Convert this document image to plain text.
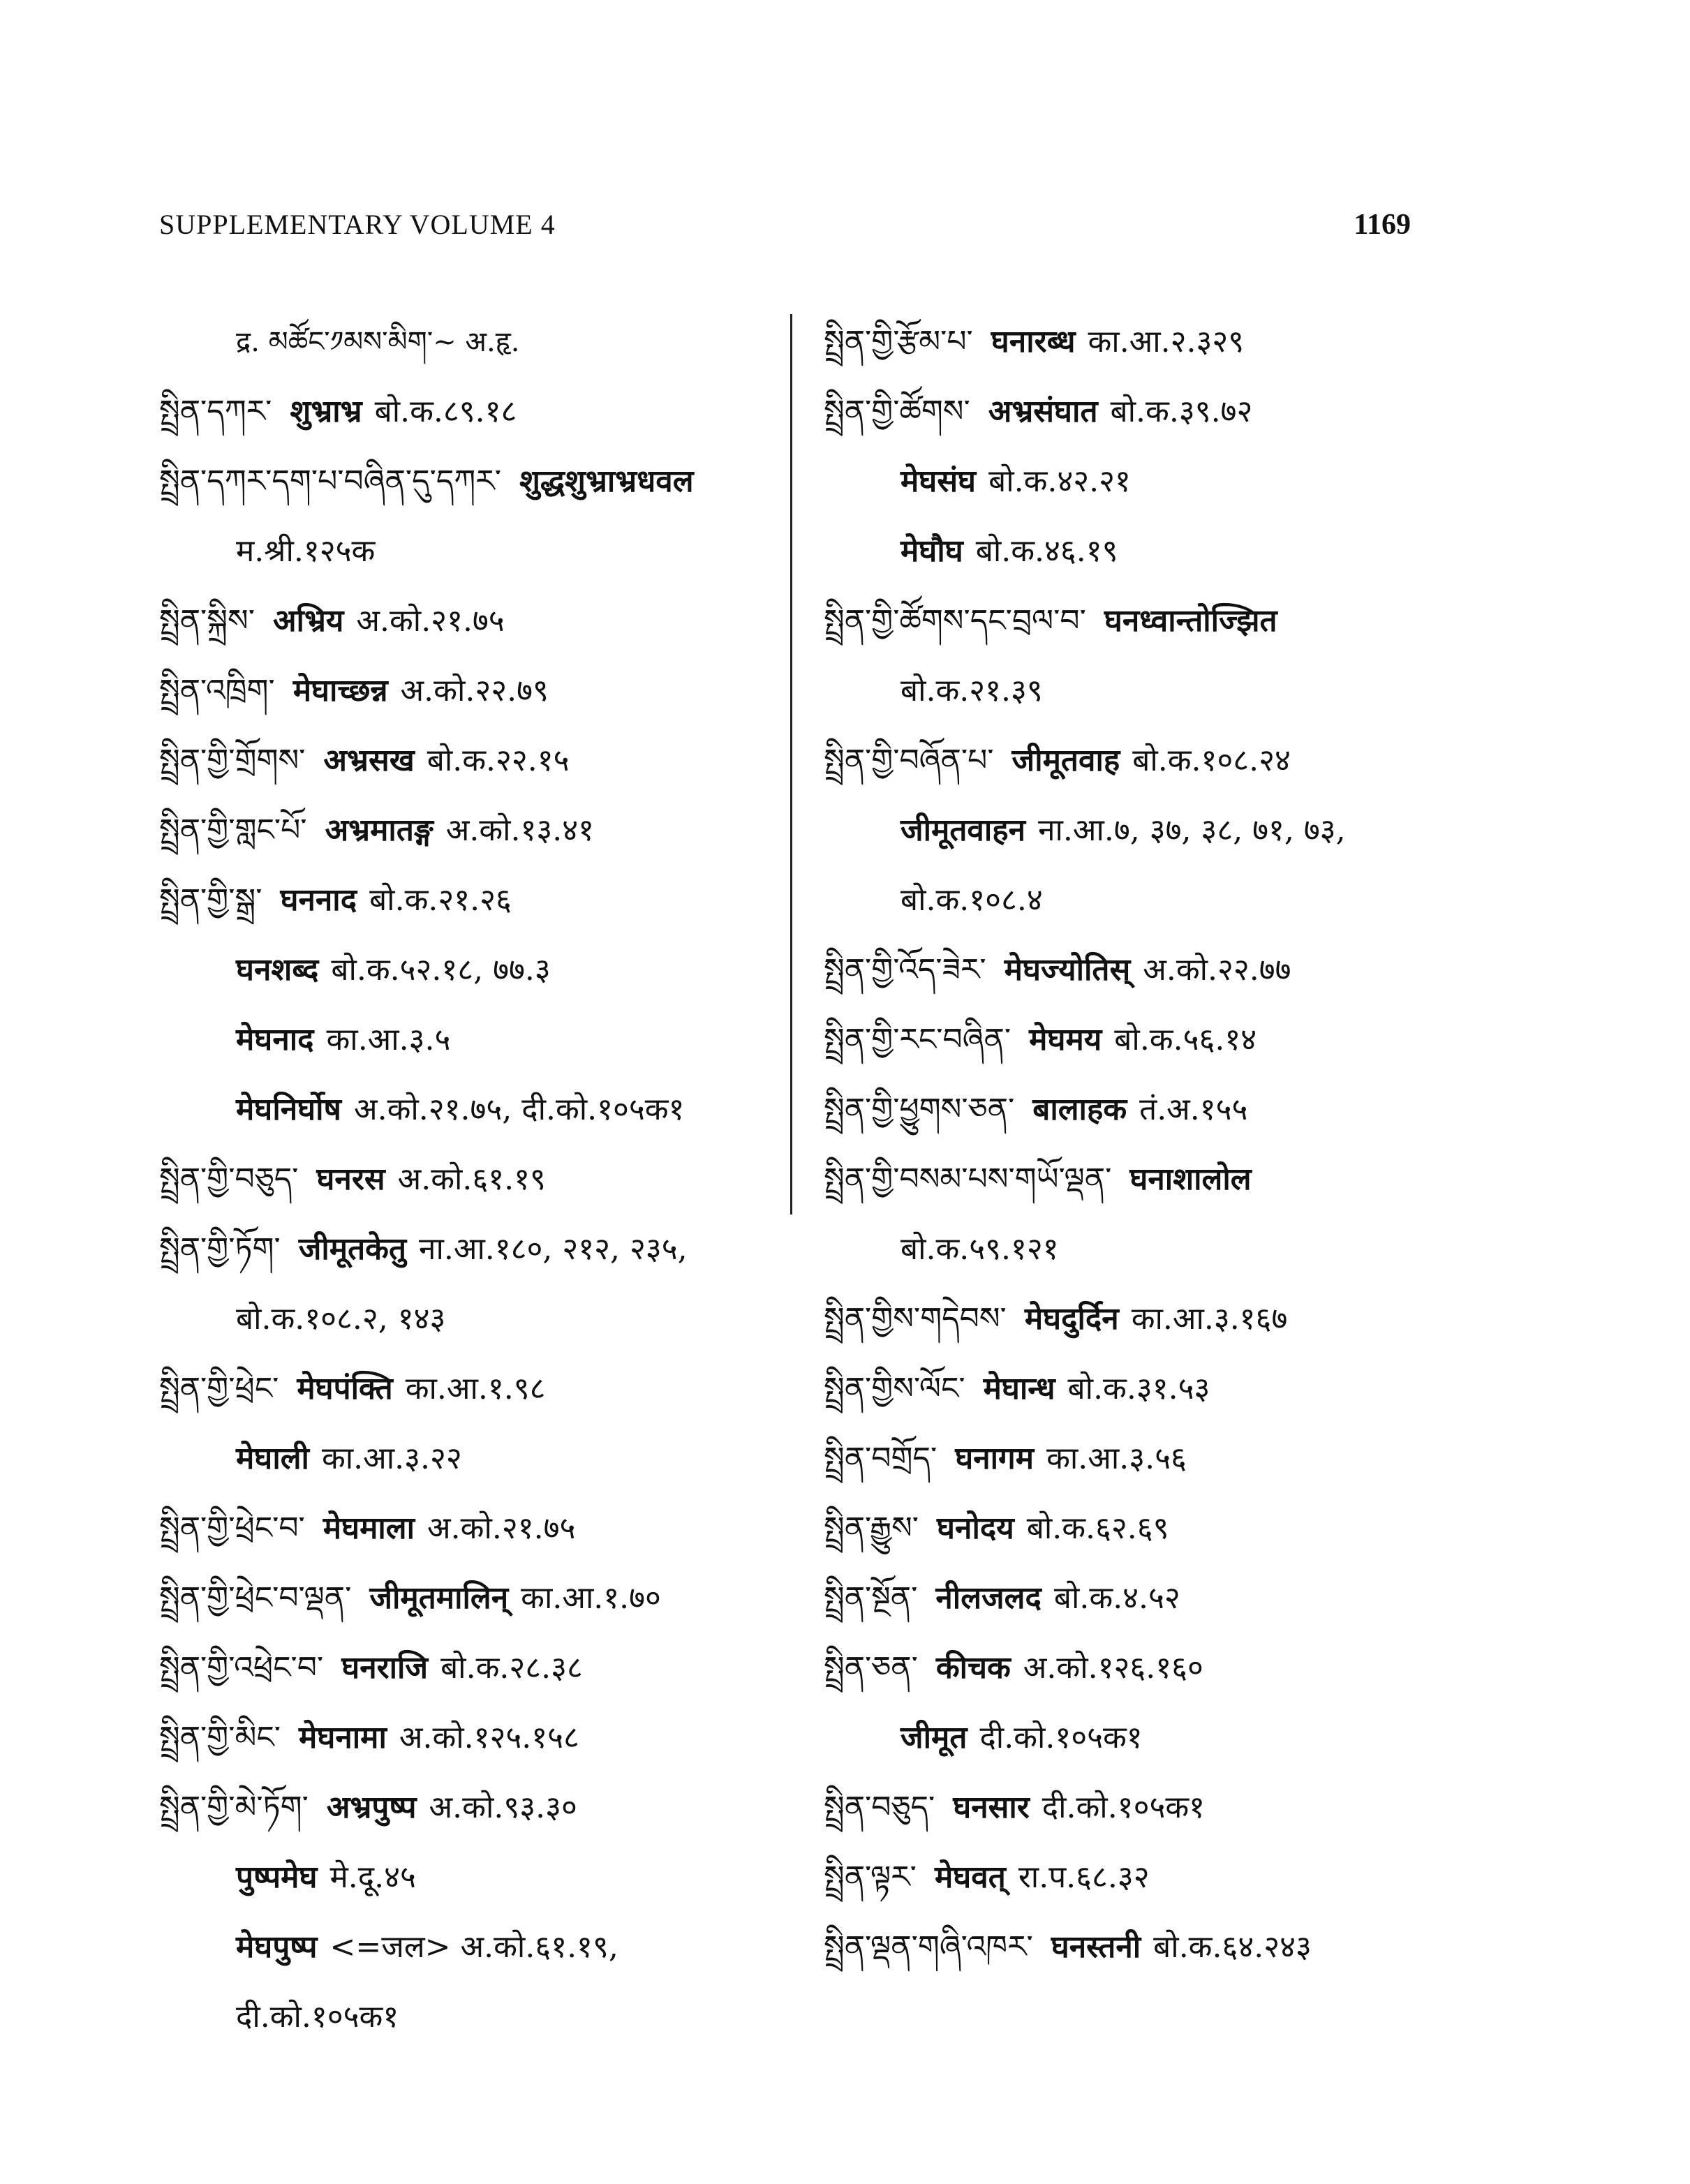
SUPPLEMENTARY VOLUME 4	1169
द्र. མཚོང་༡མས་མིག་~ अ.हृ.
སྤྲིན་དཀར་ शुभ्राभ्र बो.क.८९.१८
སྤྲིན་དཀར་དག་པ་བཞིན་དུ་དཀར་ शुद्धशुभ्राभ्रधवल
म.श्री.१२५क
སྤྲིན་སྐྲིས་ अभ्रिय अ.को.२१.७५
སྤྲིན་འཁྲིག་ मेघाच्छन्न अ.को.२२.७९
སྤྲིན་གྱི་གྲོགས་ अभ्रसख बो.क.२२.१५
སྤྲིན་གྱི་གླང་པོ་ अभ्रमातङ्ग अ.को.१३.४१
སྤྲིན་གྱི་སྒྲ་ घननाद बो.क.२१.२६
घनशब्द बो.क.५२.१८, ७७.३
मेघनाद का.आ.३.५
मेघनिर्घोष अ.को.२१.७५, दी.को.१०५क१
སྤྲིན་གྱི་བཅུད་ घनरस अ.को.६१.१९
སྤྲིན་གྱི་ཏོག་ जीमूतकेतु ना.आ.१८०, २१२, २३५,
बो.क.१०८.२, १४३
སྤྲིན་གྱི་ཕྲེང་ मेघपंक्ति का.आ.१.९८
मेघाली का.आ.३.२२
སྤྲིན་གྱི་ཕྲེང་བ་ मेघमाला अ.को.२१.७५
སྤྲིན་གྱི་ཕྲེང་བ་ལྡན་ जीमूतमालिन् का.आ.१.७०
སྤྲིན་གྱི་འཕྲེང་བ་ घनराजि बो.क.२८.३८
སྤྲིན་གྱི་མིང་ मेघनामा अ.को.१२५.१५८
སྤྲིན་གྱི་མེ་ཏོག་ अभ्रपुष्प अ.को.९३.३०
पुष्पमेघ मे.दू.४५
मेघपुष्प <=जल> अ.को.६१.१९,
दी.को.१०५क१
སྤྲིན་གྱི་རྩོམ་པ་ घनारब्ध का.आ.२.३२९
སྤྲིན་གྱི་ཚོགས་ अभ्रसंघात बो.क.३९.७२
मेघसंघ बो.क.४२.२१
मेघौघ बो.क.४६.१९
སྤྲིན་གྱི་ཚོགས་དང་བྲལ་བ་ घनध्वान्तोज्झित
बो.क.२१.३९
སྤྲིན་གྱི་བཞོན་པ་ जीमूतवाह बो.क.१०८.२४
जीमूतवाहन ना.आ.७, ३७, ३८, ७१, ७३,
बो.क.१०८.४
སྤྲིན་གྱི་འོད་ཟེར་ मेघज्योतिस् अ.को.२२.७७
སྤྲིན་གྱི་རང་བཞིན་ मेघमय बो.क.५६.१४
སྤྲིན་གྱི་ཕྱུགས་ཅན་ बालाहक तं.अ.१५५
སྤྲིན་གྱི་བསམ་པས་གཡོ་ལྡན་ घनाशालोल
बो.क.५९.१२१
སྤྲིན་གྱིས་གདེབས་ मेघदुर्दिन का.आ.३.१६७
སྤྲིན་གྱིས་ལོང་ मेघान्ध बो.क.३१.५३
སྤྲིན་བགྲོད་ घनागम का.आ.३.५६
སྤྲིན་རྒྱུས་ घनोदय बो.क.६२.६९
སྤྲིན་སྔོན་ नीलजलद बो.क.४.५२
སྤྲིན་ཅན་ कीचक अ.को.१२६.१६०
जीमूत दी.को.१०५क१
སྤྲིན་བཅུད་ घनसार दी.को.१०५क१
སྤྲིན་ལྟར་ मेघवत् रा.प.६८.३२
སྤྲིན་ལྡན་གཞི་འཁར་ घनस्तनी बो.क.६४.२४३
